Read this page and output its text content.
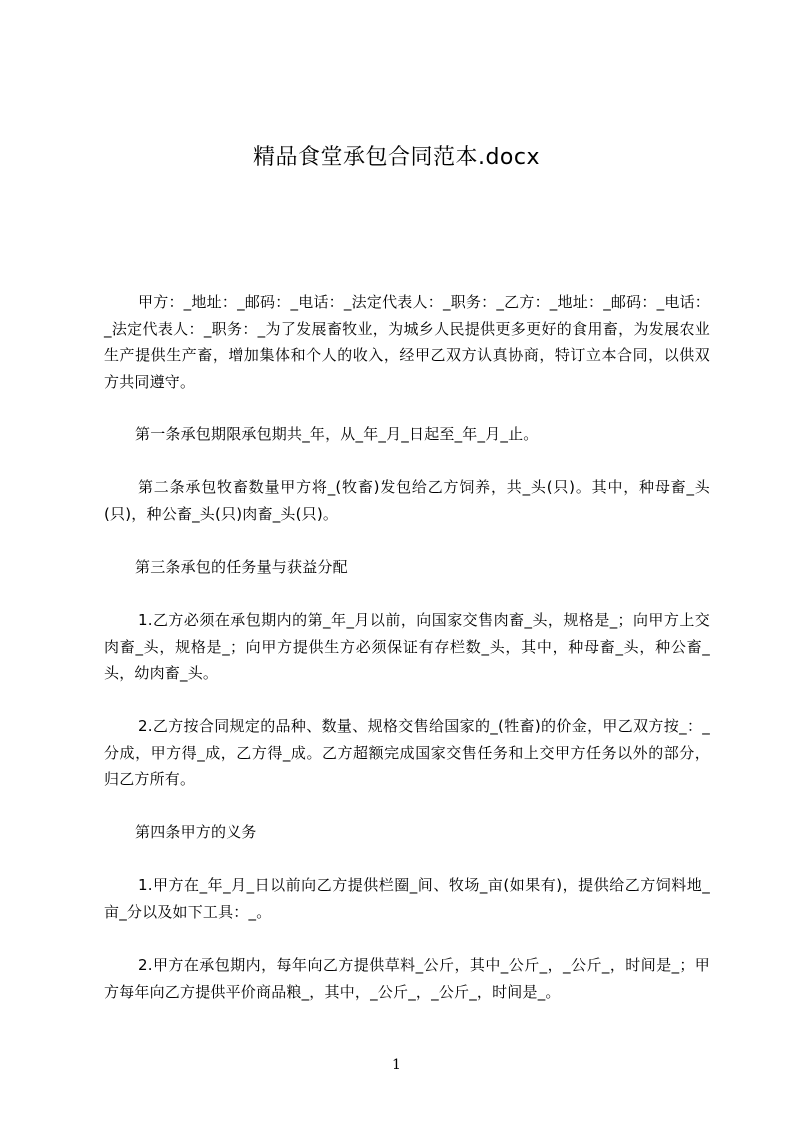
精品食堂承包合同范本.docx
甲方：_地址：_邮码：_电话：_法定代表人：_职务：_乙方：_地址：_邮码：_电话：_法定代表人：_职务：_为了发展畜牧业，为城乡人民提供更多更好的食用畜，为发展农业生产提供生产畜，增加集体和个人的收入，经甲乙双方认真协商，特订立本合同，以供双方共同遵守。
第一条承包期限承包期共_年，从_年_月_日起至_年_月_止。
第二条承包牧畜数量甲方将_(牧畜)发包给乙方饲养，共_头(只)。其中，种母畜_头(只)，种公畜_头(只)肉畜_头(只)。
第三条承包的任务量与获益分配
1.乙方必须在承包期内的第_年_月以前，向国家交售肉畜_头，规格是_；向甲方上交肉畜_头，规格是_；向甲方提供生方必须保证有存栏数_头，其中，种母畜_头，种公畜_头，幼肉畜_头。
2.乙方按合同规定的品种、数量、规格交售给国家的_(牲畜)的价金，甲乙双方按_：_分成，甲方得_成，乙方得_成。乙方超额完成国家交售任务和上交甲方任务以外的部分，归乙方所有。
第四条甲方的义务
1.甲方在_年_月_日以前向乙方提供栏圈_间、牧场_亩(如果有)，提供给乙方饲料地_亩_分以及如下工具：_。
2.甲方在承包期内，每年向乙方提供草料_公斤，其中_公斤_，_公斤_，时间是_；甲方每年向乙方提供平价商品粮_，其中，_公斤_，_公斤_，时间是_。
1
